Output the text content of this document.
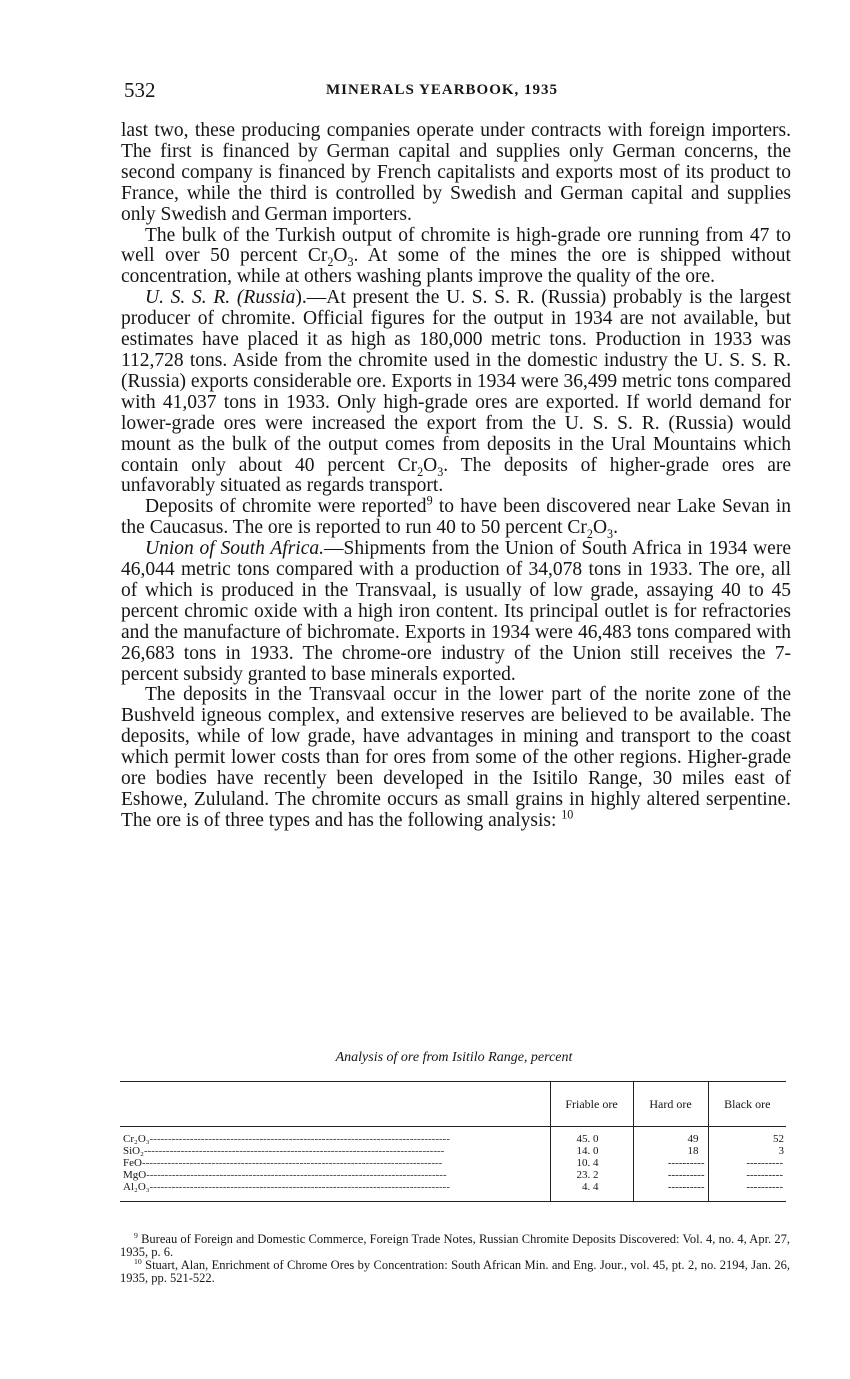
532	MINERALS YEARBOOK, 1935

last two, these producing companies operate under contracts with foreign importers. The first is financed by German capital and supplies only German concerns, the second company is financed by French capitalists and exports most of its product to France, while the third is controlled by Swedish and German capital and supplies only Swedish and German importers.

The bulk of the Turkish output of chromite is high-grade ore running from 47 to well over 50 percent $Cr_2O_3$. At some of the mines the ore is shipped without concentration, while at others washing plants improve the quality of the ore.

U. S. S. R. (Russia).—At present the U. S. S. R. (Russia) probably is the largest producer of chromite. Official figures for the output in 1934 are not available, but estimates have placed it as high as 180,000 metric tons. Production in 1933 was 112,728 tons. Aside from the chromite used in the domestic industry the U. S. S. R. (Russia) exports considerable ore. Exports in 1934 were 36,499 metric tons compared with 41,037 tons in 1933. Only high-grade ores are exported. If world demand for lower-grade ores were increased the export from the U. S. S. R. (Russia) would mount as the bulk of the output comes from deposits in the Ural Mountains which contain only about 40 percent $Cr_2O_3$. The deposits of higher-grade ores are unfavorably situated as regards transport.

Deposits of chromite were reported$^9$ to have been discovered near Lake Sevan in the Caucasus. The ore is reported to run 40 to 50 percent $Cr_2O_3$.

Union of South Africa.—Shipments from the Union of South Africa in 1934 were 46,044 metric tons compared with a production of 34,078 tons in 1933. The ore, all of which is produced in the Transvaal, is usually of low grade, assaying 40 to 45 percent chromic oxide with a high iron content. Its principal outlet is for refractories and the manufacture of bichromate. Exports in 1934 were 46,483 tons compared with 26,683 tons in 1933. The chrome-ore industry of the Union still receives the 7-percent subsidy granted to base minerals exported.

The deposits in the Transvaal occur in the lower part of the norite zone of the Bushveld igneous complex, and extensive reserves are believed to be available. The deposits, while of low grade, have advantages in mining and transport to the coast which permit lower costs than for ores from some of the other regions. Higher-grade ore bodies have recently been developed in the Isitilo Range, 30 miles east of Eshowe, Zululand. The chromite occurs as small grains in highly altered serpentine. The ore is of three types and has the following analysis: $^{10}$

Analysis of ore from Isitilo Range, percent
	Friable ore	Hard ore	Black ore
Cr₂O₃----------------------------------------------------------------------------------	45. 0	49	52
SiO₂----------------------------------------------------------------------------------	14. 0	18	3
FeO----------------------------------------------------------------------------------	10. 4	----------	----------
MgO----------------------------------------------------------------------------------	23. 2	----------	----------
Al₂O₃----------------------------------------------------------------------------------	4. 4	----------	----------

$^9$ Bureau of Foreign and Domestic Commerce, Foreign Trade Notes, Russian Chromite Deposits Discovered: Vol. 4, no. 4, Apr. 27, 1935, p. 6.

$^{10}$ Stuart, Alan, Enrichment of Chrome Ores by Concentration: South African Min. and Eng. Jour., vol. 45, pt. 2, no. 2194, Jan. 26, 1935, pp. 521-522.
